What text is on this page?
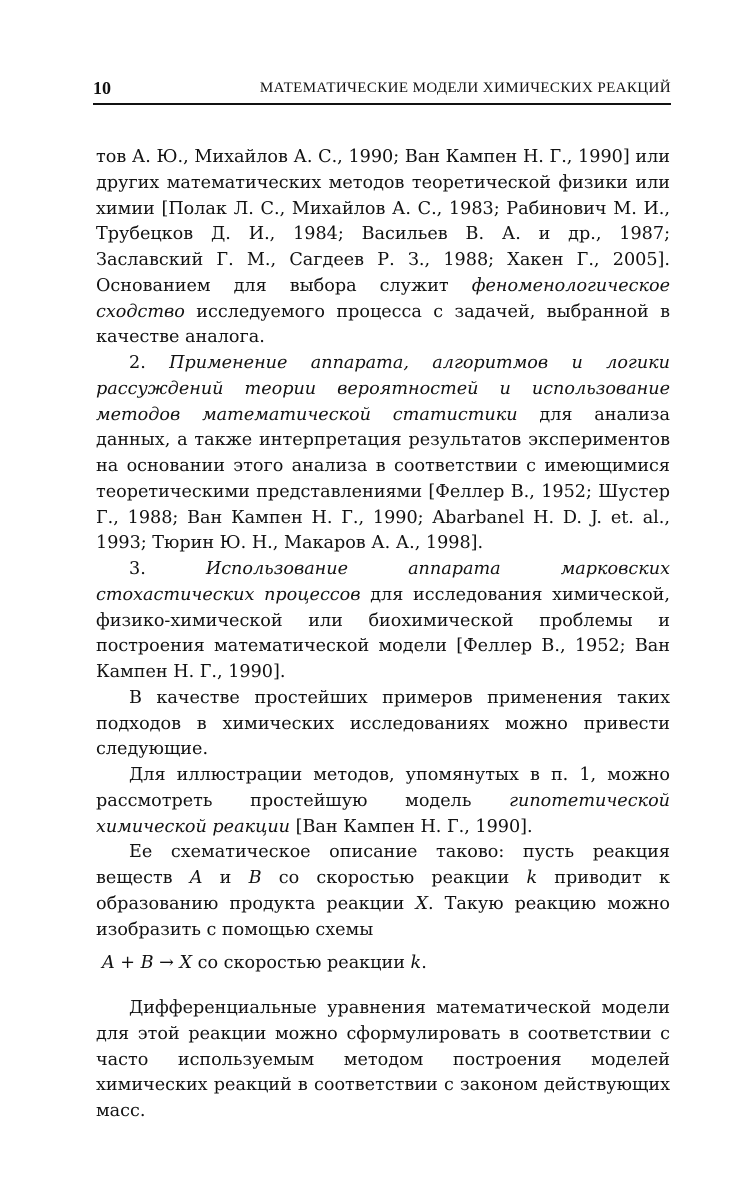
10	МАТЕМАТИЧЕСКИЕ МОДЕЛИ ХИМИЧЕСКИХ РЕАКЦИЙ

тов А. Ю., Михайлов А. С., 1990; Ван Кампен Н. Г., 1990] или других математических методов теоретической физики или химии [Полак Л. С., Михайлов А. С., 1983; Рабинович М. И., Трубецков Д. И., 1984; Васильев В. А. и др., 1987; Заславский Г. М., Сагдеев Р. З., 1988; Хакен Г., 2005]. Основанием для выбора служит феноменологическое сходство исследуемого процесса с задачей, выбранной в качестве аналога.

2. Применение аппарата, алгоритмов и логики рассуждений теории вероятностей и использование методов математической статистики для анализа данных, а также интерпретация результатов экспериментов на основании этого анализа в соответствии с имеющимися теоретическими представлениями [Феллер В., 1952; Шустер Г., 1988; Ван Кампен Н. Г., 1990; Abarbanel H. D. J. et. al., 1993; Тюрин Ю. Н., Макаров А. А., 1998].

3. Использование аппарата марковских стохастических процессов для исследования химической, физико-химической или биохимической проблемы и построения математической модели [Феллер В., 1952; Ван Кампен Н. Г., 1990].

В качестве простейших примеров применения таких подходов в химических исследованиях можно привести следующие.

Для иллюстрации методов, упомянутых в п. 1, можно рассмотреть простейшую модель гипотетической химической реакции [Ван Кампен Н. Г., 1990].

Ее схематическое описание таково: пусть реакция веществ A и B со скоростью реакции k приводит к образованию продукта реакции X. Такую реакцию можно изобразить с помощью схемы

A + B → X со скоростью реакции k.

Дифференциальные уравнения математической модели для этой реакции можно сформулировать в соответствии с часто используемым методом построения моделей химических реакций в соответствии с законом действующих масс.
